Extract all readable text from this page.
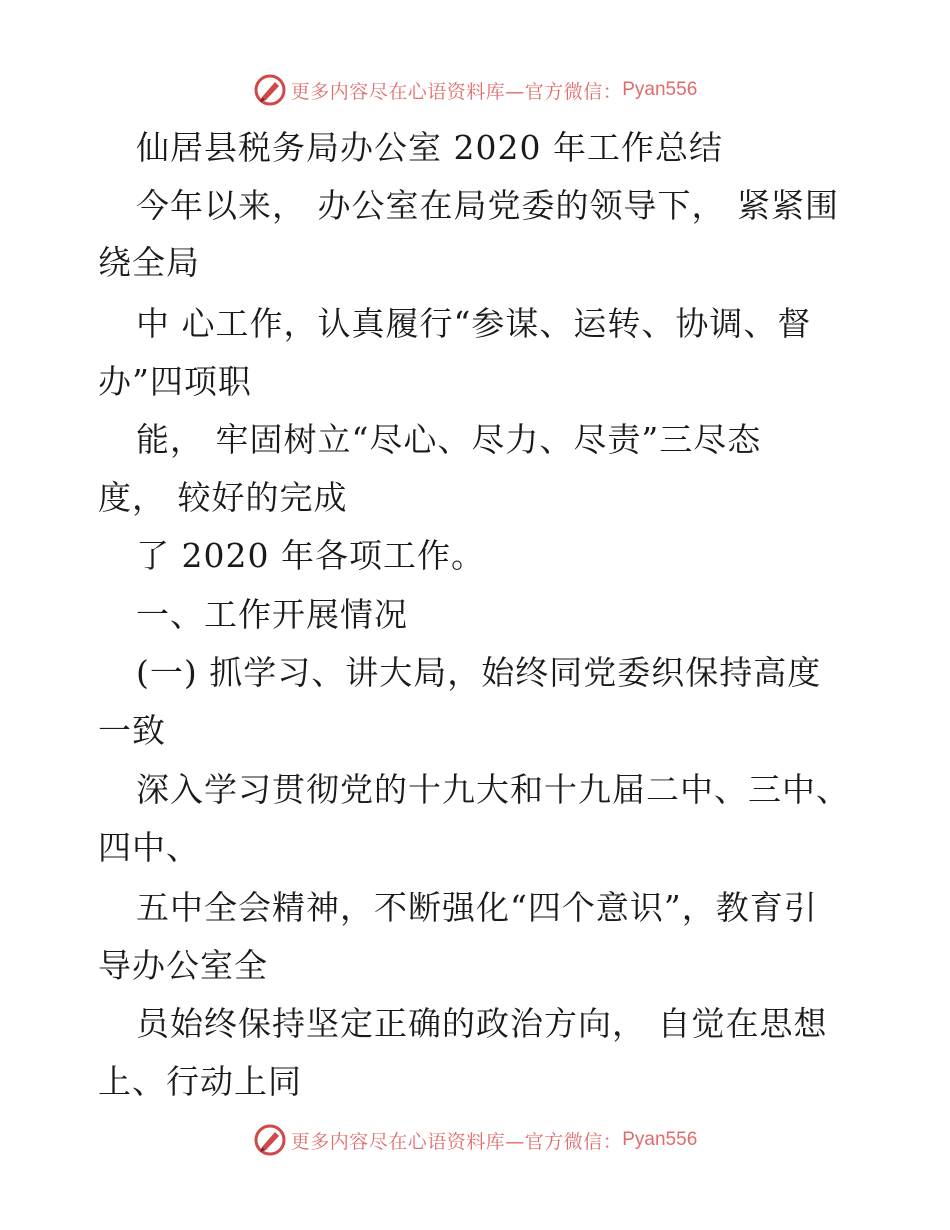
更多内容尽在心语资料库—官方微信： Pyan556
仙居县税务局办公室 2020 年工作总结
今年以来， 办公室在局党委的领导下， 紧紧围
绕全局
中 心工作，认真履行“参谋、运转、协调、督
办”四项职
能， 牢固树立“尽心、尽力、尽责”三尽态
度， 较好的完成
了 2020 年各项工作。
一、工作开展情况
(一) 抓学习、讲大局，始终同党委织保持高度
一致
深入学习贯彻党的十九大和十九届二中、三中、
四中、
五中全会精神，不断强化“四个意识”，教育引
导办公室全
员始终保持坚定正确的政治方向， 自觉在思想
上、行动上同
更多内容尽在心语资料库—官方微信： Pyan556
